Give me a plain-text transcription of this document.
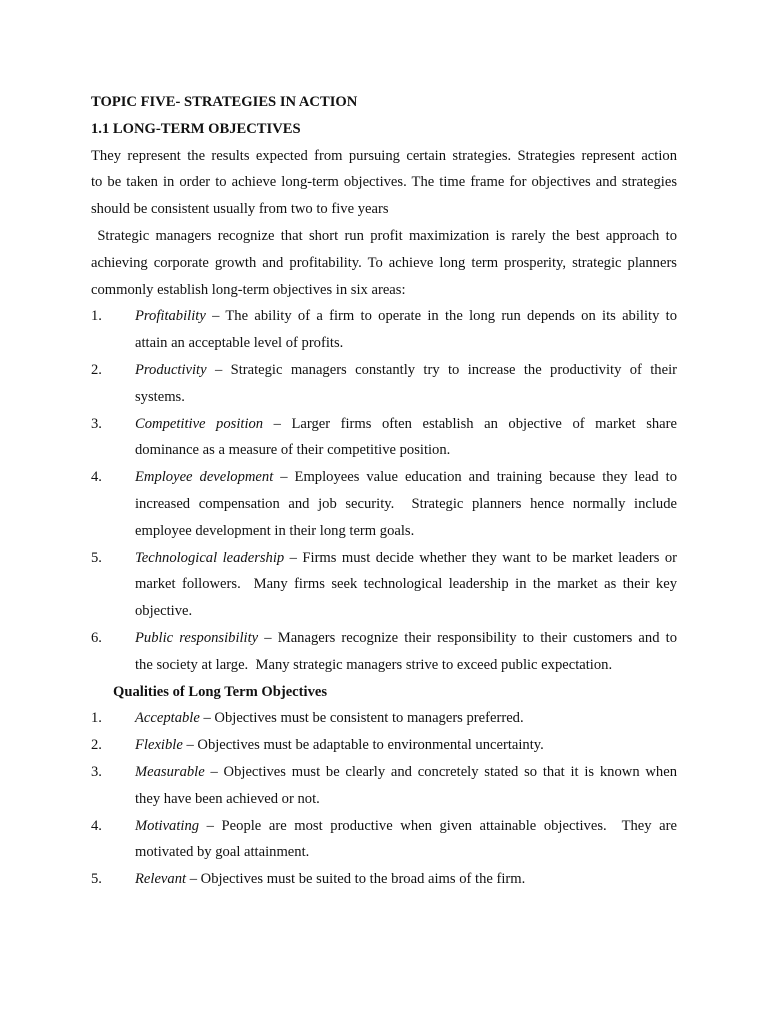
TOPIC FIVE- STRATEGIES IN ACTION
1.1 LONG-TERM OBJECTIVES
They represent the results expected from pursuing certain strategies. Strategies represent action
to be taken in order to achieve long-term objectives. The time frame for objectives and strategies
should be consistent usually from two to five years
Strategic managers recognize that short run profit maximization is rarely the best approach to
achieving corporate growth and profitability. To achieve long term prosperity, strategic planners
commonly establish long-term objectives in six areas:
1. Profitability – The ability of a firm to operate in the long run depends on its ability to
attain an acceptable level of profits.
2. Productivity – Strategic managers constantly try to increase the productivity of their
systems.
3. Competitive position – Larger firms often establish an objective of market share
dominance as a measure of their competitive position.
4. Employee development – Employees value education and training because they lead to
increased compensation and job security.  Strategic planners hence normally include
employee development in their long term goals.
5. Technological leadership – Firms must decide whether they want to be market leaders or
market followers.  Many firms seek technological leadership in the market as their key
objective.
6. Public responsibility – Managers recognize their responsibility to their customers and to
the society at large.  Many strategic managers strive to exceed public expectation.
Qualities of Long Term Objectives
1. Acceptable – Objectives must be consistent to managers preferred.
2. Flexible – Objectives must be adaptable to environmental uncertainty.
3. Measurable – Objectives must be clearly and concretely stated so that it is known when
they have been achieved or not.
4. Motivating – People are most productive when given attainable objectives.  They are
motivated by goal attainment.
5. Relevant – Objectives must be suited to the broad aims of the firm.
